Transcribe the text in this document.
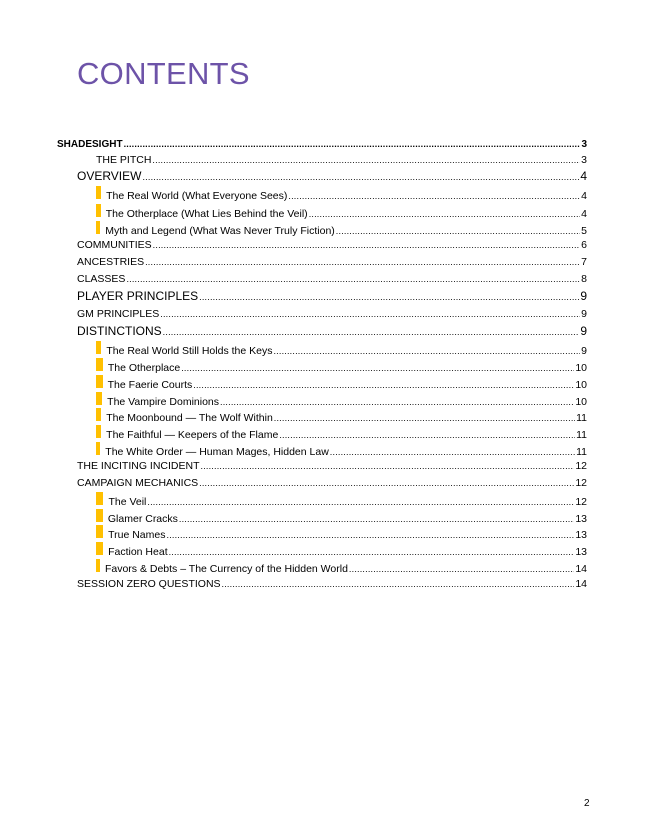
CONTENTS
SHADESIGHT .....	3
THE PITCH .....	3
OVERVIEW .....	4
The Real World (What Everyone Sees) .....	4
The Otherplace (What Lies Behind the Veil) .....	4
Myth and Legend (What Was Never Truly Fiction) .....	5
COMMUNITIES .....	6
ANCESTRIES .....	7
CLASSES .....	8
PLAYER PRINCIPLES .....	9
GM PRINCIPLES .....	9
DISTINCTIONS .....	9
The Real World Still Holds the Keys .....	9
The Otherplace .....	10
The Faerie Courts .....	10
The Vampire Dominions .....	10
The Moonbound — The Wolf Within .....	11
The Faithful — Keepers of the Flame .....	11
The White Order — Human Mages, Hidden Law .....	11
THE INCITING INCIDENT .....	12
CAMPAIGN MECHANICS .....	12
The Veil .....	12
Glamer Cracks .....	13
True Names .....	13
Faction Heat .....	13
Favors & Debts – The Currency of the Hidden World .....	14
SESSION ZERO QUESTIONS .....	14
2
